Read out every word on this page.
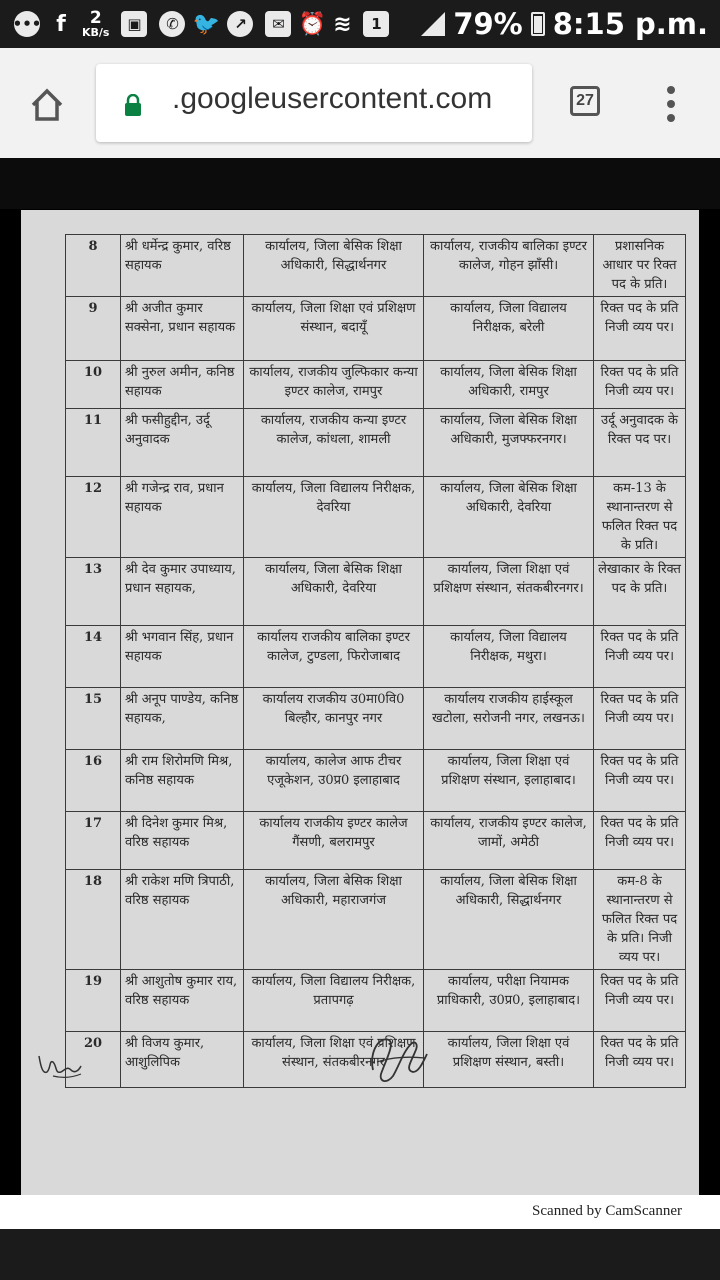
••• f 2
KB/s	▣	✆ 🐦 ↗	✉ ⏰ ≋	1 79% 8:15 p.m.
.googleusercontent.com	27
8	श्री धर्मेन्द्र कुमार, वरिष्ठ सहायक	कार्यालय, जिला बेसिक शिक्षा अधिकारी, सिद्धार्थनगर	कार्यालय, राजकीय बालिका इण्टर कालेज, गोहन झाँसी।	प्रशासनिक आधार पर रिक्त पद के प्रति।
9	श्री अजीत कुमार सक्सेना, प्रधान सहायक	कार्यालय, जिला शिक्षा एवं प्रशिक्षण संस्थान, बदायूँ	कार्यालय, जिला विद्यालय निरीक्षक, बरेली	रिक्त पद के प्रति निजी व्यय पर।
10	श्री नुरुल अमीन, कनिष्ठ सहायक	कार्यालय, राजकीय जुल्फिकार कन्या इण्टर कालेज, रामपुर	कार्यालय, जिला बेसिक शिक्षा अधिकारी, रामपुर	रिक्त पद के प्रति निजी व्यय पर।
11	श्री फसीहुद्दीन, उर्दू अनुवादक	कार्यालय, राजकीय कन्या इण्टर कालेज, कांधला, शामली	कार्यालय, जिला बेसिक शिक्षा अधिकारी, मुजफ्फरनगर।	उर्दू अनुवादक के रिक्त पद पर।
12	श्री गजेन्द्र राव, प्रधान सहायक	कार्यालय, जिला विद्यालय निरीक्षक, देवरिया	कार्यालय, जिला बेसिक शिक्षा अधिकारी, देवरिया	कम-13 के स्थानान्तरण से फलित रिक्त पद के प्रति।
13	श्री देव कुमार उपाध्याय, प्रधान सहायक,	कार्यालय, जिला बेसिक शिक्षा अधिकारी, देवरिया	कार्यालय, जिला शिक्षा एवं प्रशिक्षण संस्थान, संतकबीरनगर।	लेखाकार के रिक्त पद के प्रति।
14	श्री भगवान सिंह, प्रधान सहायक	कार्यालय राजकीय बालिका इण्टर कालेज, टुण्डला, फिरोजाबाद	कार्यालय, जिला विद्यालय निरीक्षक, मथुरा।	रिक्त पद के प्रति निजी व्यय पर।
15	श्री अनूप पाण्डेय, कनिष्ठ सहायक,	कार्यालय राजकीय उ0मा0वि0 बिल्हौर, कानपुर नगर	कार्यालय राजकीय हाईस्कूल खटोला, सरोजनी नगर, लखनऊ।	रिक्त पद के प्रति निजी व्यय पर।
16	श्री राम शिरोमणि मिश्र, कनिष्ठ सहायक	कार्यालय, कालेज आफ टीचर एजूकेशन, उ0प्र0 इलाहाबाद	कार्यालय, जिला शिक्षा एवं प्रशिक्षण संस्थान, इलाहाबाद।	रिक्त पद के प्रति निजी व्यय पर।
17	श्री दिनेश कुमार मिश्र, वरिष्ठ सहायक	कार्यालय राजकीय इण्टर कालेज गैंसणी, बलरामपुर	कार्यालय, राजकीय इण्टर कालेज, जामों, अमेठी	रिक्त पद के प्रति निजी व्यय पर।
18	श्री राकेश मणि त्रिपाठी, वरिष्ठ सहायक	कार्यालय, जिला बेसिक शिक्षा अधिकारी, महाराजगंज	कार्यालय, जिला बेसिक शिक्षा अधिकारी, सिद्धार्थनगर	कम-8 के स्थानान्तरण से फलित रिक्त पद के प्रति। निजी व्यय पर।
19	श्री आशुतोष कुमार राय, वरिष्ठ सहायक	कार्यालय, जिला विद्यालय निरीक्षक, प्रतापगढ़	कार्यालय, परीक्षा नियामक प्राधिकारी, उ0प्र0, इलाहाबाद।	रिक्त पद के प्रति निजी व्यय पर।
20	श्री विजय कुमार, आशुलिपिक	कार्यालय, जिला शिक्षा एवं प्रशिक्षण संस्थान, संतकबीरनगर	कार्यालय, जिला शिक्षा एवं प्रशिक्षण संस्थान, बस्ती।	रिक्त पद के प्रति निजी व्यय पर।
Scanned by CamScanner
